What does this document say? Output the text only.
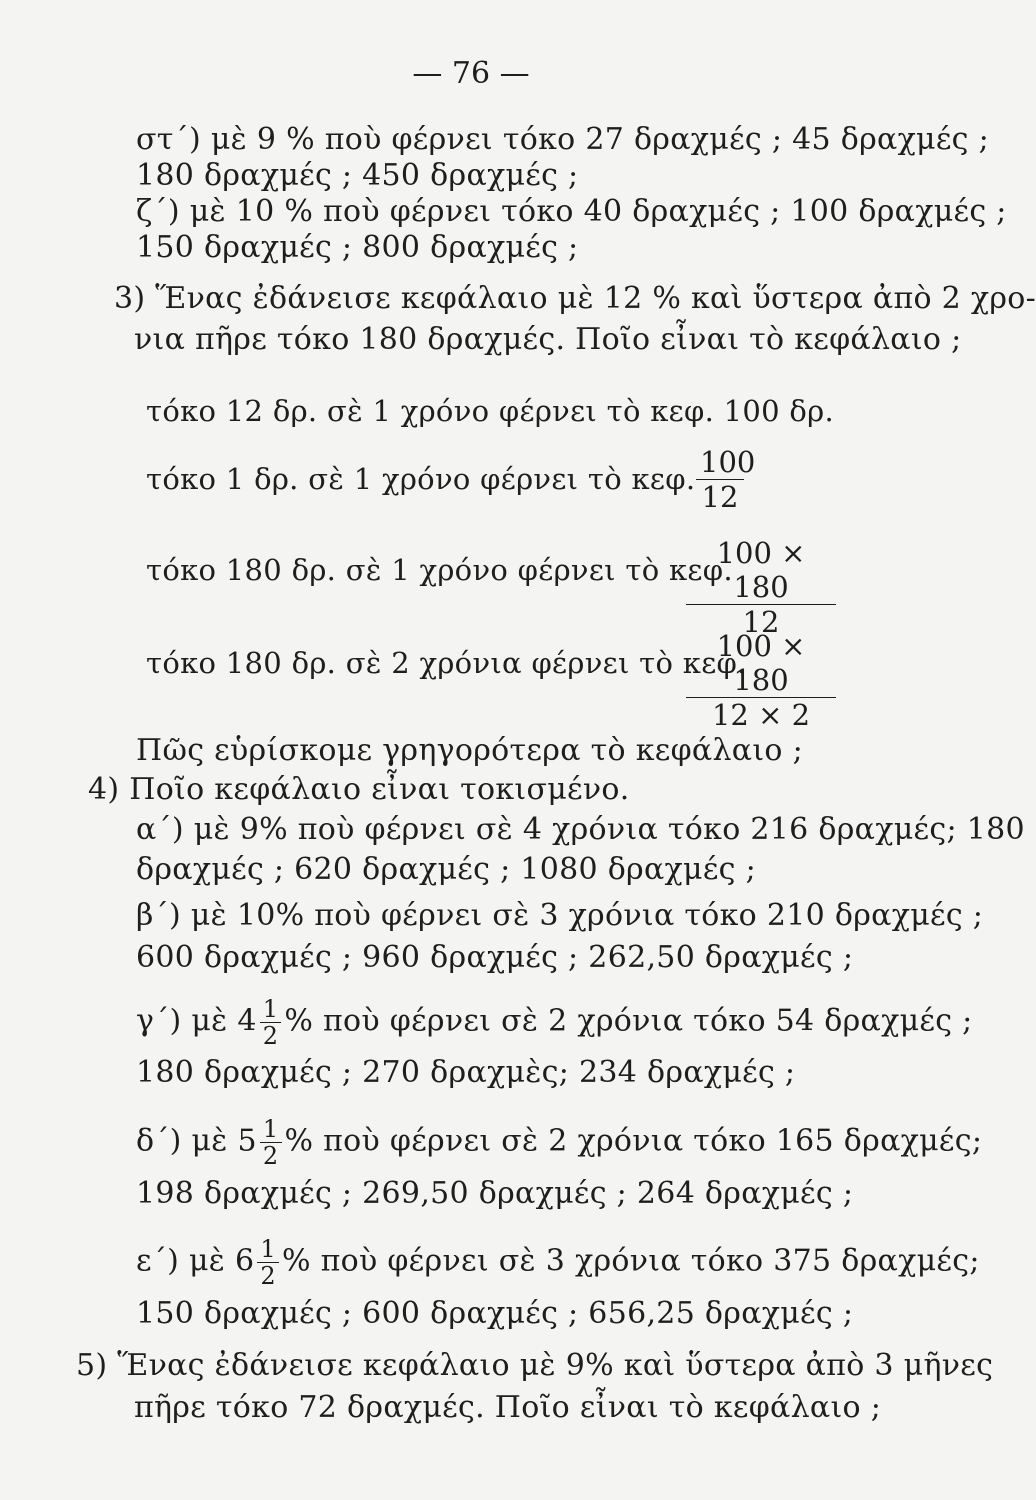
— 76 —
στ΄) μὲ 9 % ποὺ φέρνει τόκο 27 δραχμές ; 45 δραχμές ;
180 δραχμές ; 450 δραχμές ;
ζ΄) μὲ 10 % ποὺ φέρνει τόκο 40 δραχμές ; 100 δραχμές ;
150 δραχμές ; 800 δραχμές ;
3) Ἕνας ἐδάνεισε κεφάλαιο μὲ 12 % καὶ ὕστερα ἀπὸ 2 χρο-
νια πῆρε τόκο 180 δραχμές. Ποῖο εἶναι τὸ κεφάλαιο ;
τόκο 12 δρ. σὲ 1 χρόνο φέρνει τὸ κεφ. 100 δρ.
τόκο 1 δρ. σὲ 1 χρόνο φέρνει τὸ κεφ. $\frac{100}{12}$
τόκο 180 δρ. σὲ 1 χρόνο φέρνει τὸ κεφ.
$\frac{100 \times 180}{12}$
τόκο 180 δρ. σὲ 2 χρόνια φέρνει τὸ κεφ.
$\frac{100 \times 180}{12 \times 2}$
Πῶς εὑρίσκομε γρηγορότερα τὸ κεφάλαιο ;
4) Ποῖο κεφάλαιο εἶναι τοκισμένο.
α΄) μὲ 9% ποὺ φέρνει σὲ 4 χρόνια τόκο 216 δραχμές; 180
δραχμές ; 620 δραχμές ; 1080 δραχμές ;
β΄) μὲ 10% ποὺ φέρνει σὲ 3 χρόνια τόκο 210 δραχμές ;
600 δραχμές ; 960 δραχμές ; 262,50 δραχμές ;
γ΄) μὲ $4 \frac{1}{2}$ % ποὺ φέρνει σὲ 2 χρόνια τόκο 54 δραχμές ;
180 δραχμές ; 270 δραχμὲς; 234 δραχμές ;
δ΄) μὲ $5 \frac{1}{2}$ % ποὺ φέρνει σὲ 2 χρόνια τόκο 165 δραχμές;
198 δραχμές ; 269,50 δραχμές ; 264 δραχμές ;
ε΄) μὲ $6 \frac{1}{2}$ % ποὺ φέρνει σὲ 3 χρόνια τόκο 375 δραχμές;
150 δραχμές ; 600 δραχμές ; 656,25 δραχμές ;
5) Ἕνας ἐδάνεισε κεφάλαιο μὲ 9% καὶ ὕστερα ἀπὸ 3 μῆνες
πῆρε τόκο 72 δραχμές. Ποῖο εἶναι τὸ κεφάλαιο ;
